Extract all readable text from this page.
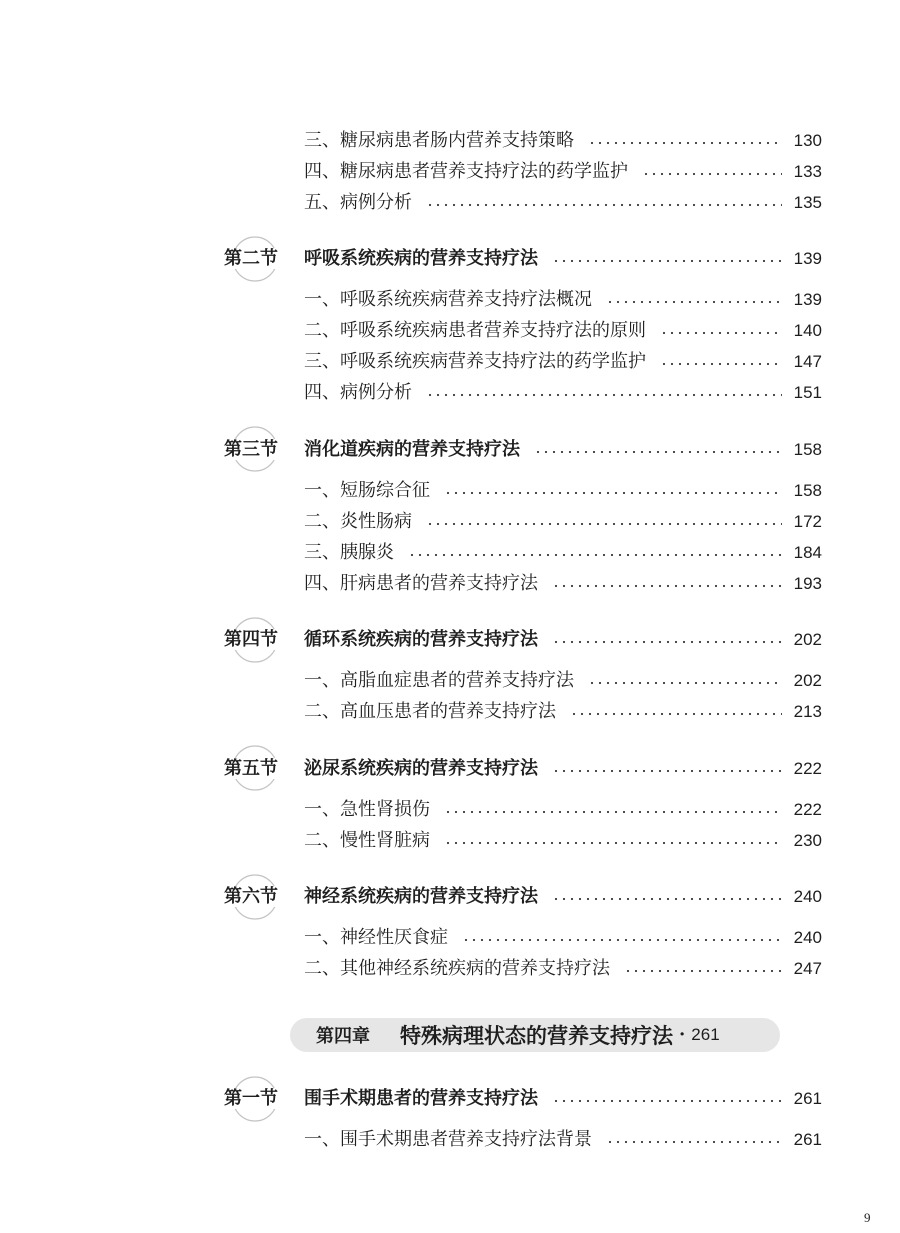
三、糖尿病患者肠内营养支持策略	130
四、糖尿病患者营养支持疗法的药学监护	133
五、病例分析	135
第二节	呼吸系统疾病的营养支持疗法	139
一、呼吸系统疾病营养支持疗法概况	139
二、呼吸系统疾病患者营养支持疗法的原则	140
三、呼吸系统疾病营养支持疗法的药学监护	147
四、病例分析	151
第三节	消化道疾病的营养支持疗法	158
一、短肠综合征	158
二、炎性肠病	172
三、胰腺炎	184
四、肝病患者的营养支持疗法	193
第四节	循环系统疾病的营养支持疗法	202
一、高脂血症患者的营养支持疗法	202
二、高血压患者的营养支持疗法	213
第五节	泌尿系统疾病的营养支持疗法	222
一、急性肾损伤	222
二、慢性肾脏病	230
第六节	神经系统疾病的营养支持疗法	240
一、神经性厌食症	240
二、其他神经系统疾病的营养支持疗法	247
第四章	特殊病理状态的营养支持疗法 · 261
第一节	围手术期患者的营养支持疗法	261
一、围手术期患者营养支持疗法背景	261
9
